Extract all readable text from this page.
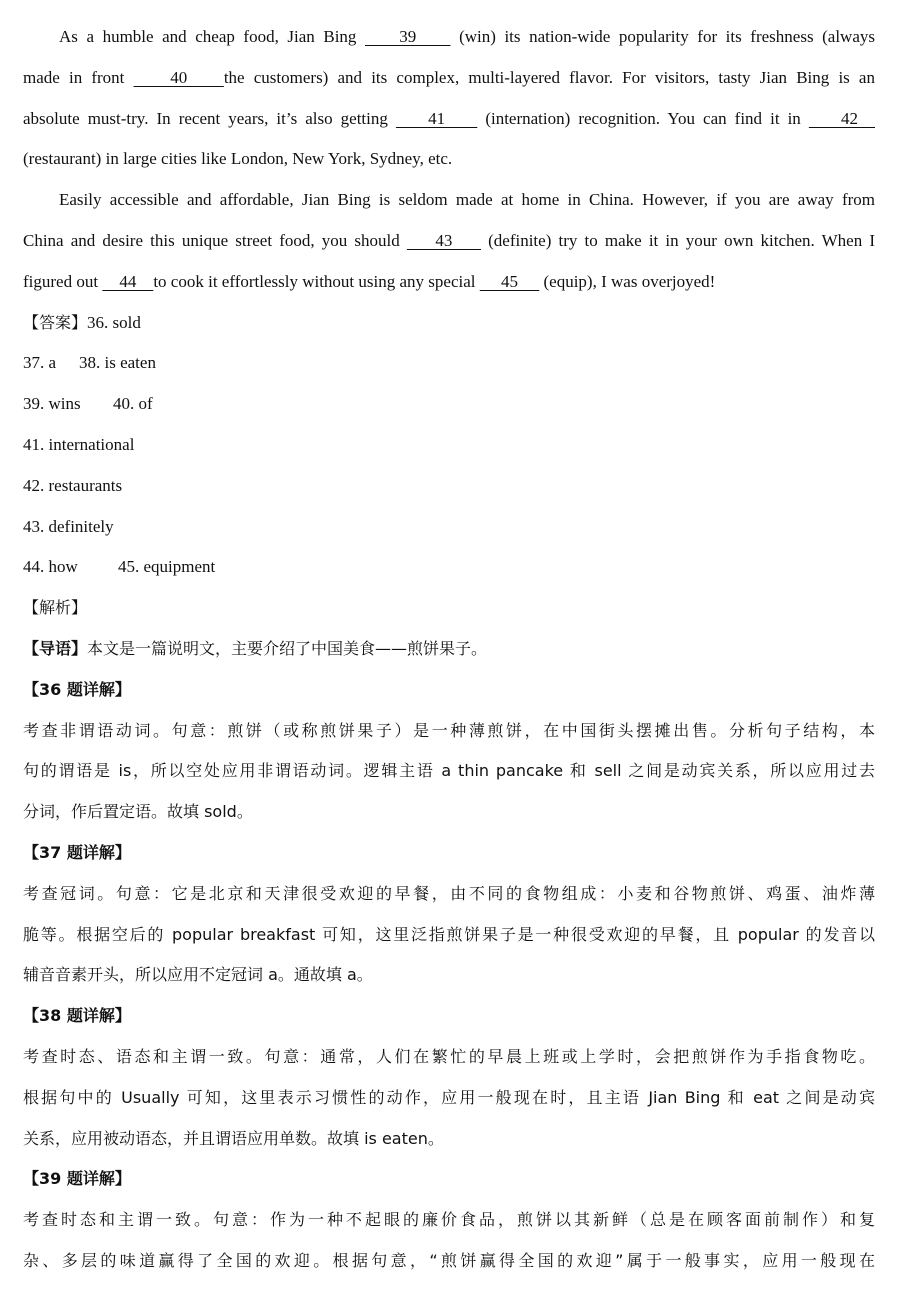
As a humble and cheap food, Jian Bing     39     (win) its nation-wide popularity for its freshness (always
made in front     40    the customers) and its complex, multi-layered flavor. For visitors, tasty Jian Bing is an
absolute must-try. In recent years, it’s also getting     41     (internation) recognition. You can find it in     42
(restaurant) in large cities like London, New York, Sydney, etc.
Easily accessible and affordable, Jian Bing is seldom made at home in China. However, if you are away from
China and desire this unique street food, you should     43     (definite) try to make it in your own kitchen. When I
figured out     44    to cook it effortlessly without using any special      45      (equip), I was overjoyed!
【答案】36. sold
37. a 38. is eaten
39. wins 40. of
41. international
42. restaurants
43. definitely
44. how 45. equipment
【解析】
【导语】本文是一篇说明文，主要介绍了中国美食——煎饼果子。
【36 题详解】
考查非谓语动词。句意：煎饼（或称煎饼果子）是一种薄煎饼，在中国街头摆摊出售。分析句子结构，本
句的谓语是 is，所以空处应用非谓语动词。逻辑主语 a thin pancake 和 sell 之间是动宾关系，所以应用过去
分词，作后置定语。故填 sold。
【37 题详解】
考查冠词。句意：它是北京和天津很受欢迎的早餐，由不同的食物组成：小麦和谷物煎饼、鸡蛋、油炸薄
脆等。根据空后的 popular breakfast 可知，这里泛指煎饼果子是一种很受欢迎的早餐，且 popular 的发音以
辅音音素开头，所以应用不定冠词 a。通故填 a。
【38 题详解】
考查时态、语态和主谓一致。句意：通常，人们在繁忙的早晨上班或上学时，会把煎饼作为手指食物吃。
根据句中的 Usually 可知，这里表示习惯性的动作，应用一般现在时，且主语 Jian Bing 和 eat 之间是动宾
关系，应用被动语态，并且谓语应用单数。故填 is eaten。
【39 题详解】
考查时态和主谓一致。句意：作为一种不起眼的廉价食品，煎饼以其新鲜（总是在顾客面前制作）和复
杂、多层的味道赢得了全国的欢迎。根据句意，“煎饼赢得全国的欢迎”属于一般事实，应用一般现在
